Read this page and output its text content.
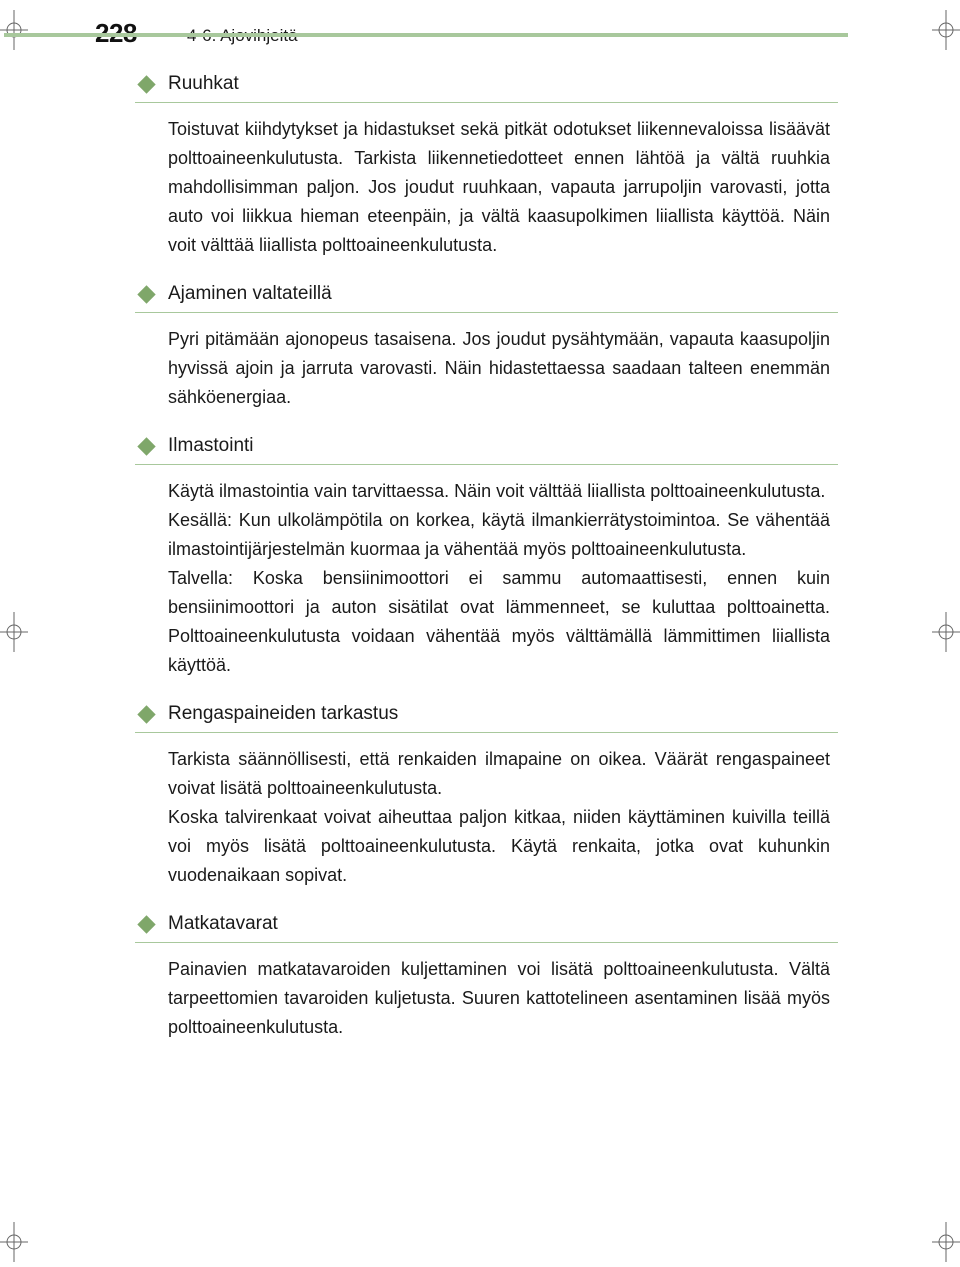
Ruuhkat

Toistuvat kiihdytykset ja hidastukset sekä pitkät odotukset liikennevaloissa lisäävät polttoaineenkulutusta. Tarkista liikennetiedotteet ennen lähtöä ja vältä ruuhkia mahdollisimman paljon. Jos joudut ruuhkaan, vapauta jarrupoljin varovasti, jotta auto voi liikkua hieman eteenpäin, ja vältä kaasupolkimen liiallista käyttöä. Näin voit välttää liiallista polttoaineenkulutusta.

Ajaminen valtateillä

Pyri pitämään ajonopeus tasaisena. Jos joudut pysähtymään, vapauta kaasupoljin hyvissä ajoin ja jarruta varovasti. Näin hidastettaessa saadaan talteen enemmän sähköenergiaa.

Ilmastointi

Käytä ilmastointia vain tarvittaessa. Näin voit välttää liiallista polttoaineenkulutusta.

Kesällä: Kun ulkolämpötila on korkea, käytä ilmankierrätystoimintoa. Se vähentää ilmastointijärjestelmän kuormaa ja vähentää myös polttoaineenkulutusta.

Talvella: Koska bensiinimoottori ei sammu automaattisesti, ennen kuin bensiinimoottori ja auton sisätilat ovat lämmenneet, se kuluttaa polttoainetta. Polttoaineenkulutusta voidaan vähentää myös välttämällä lämmittimen liiallista käyttöä.

Rengaspaineiden tarkastus

Tarkista säännöllisesti, että renkaiden ilmapaine on oikea. Väärät rengaspaineet voivat lisätä polttoaineenkulutusta.

Koska talvirenkaat voivat aiheuttaa paljon kitkaa, niiden käyttäminen kuivilla teillä voi myös lisätä polttoaineenkulutusta. Käytä renkaita, jotka ovat kuhunkin vuodenaikaan sopivat.

Matkatavarat

Painavien matkatavaroiden kuljettaminen voi lisätä polttoaineenkulutusta. Vältä tarpeettomien tavaroiden kuljetusta. Suuren kattotelineen asentaminen lisää myös polttoaineenkulutusta.
